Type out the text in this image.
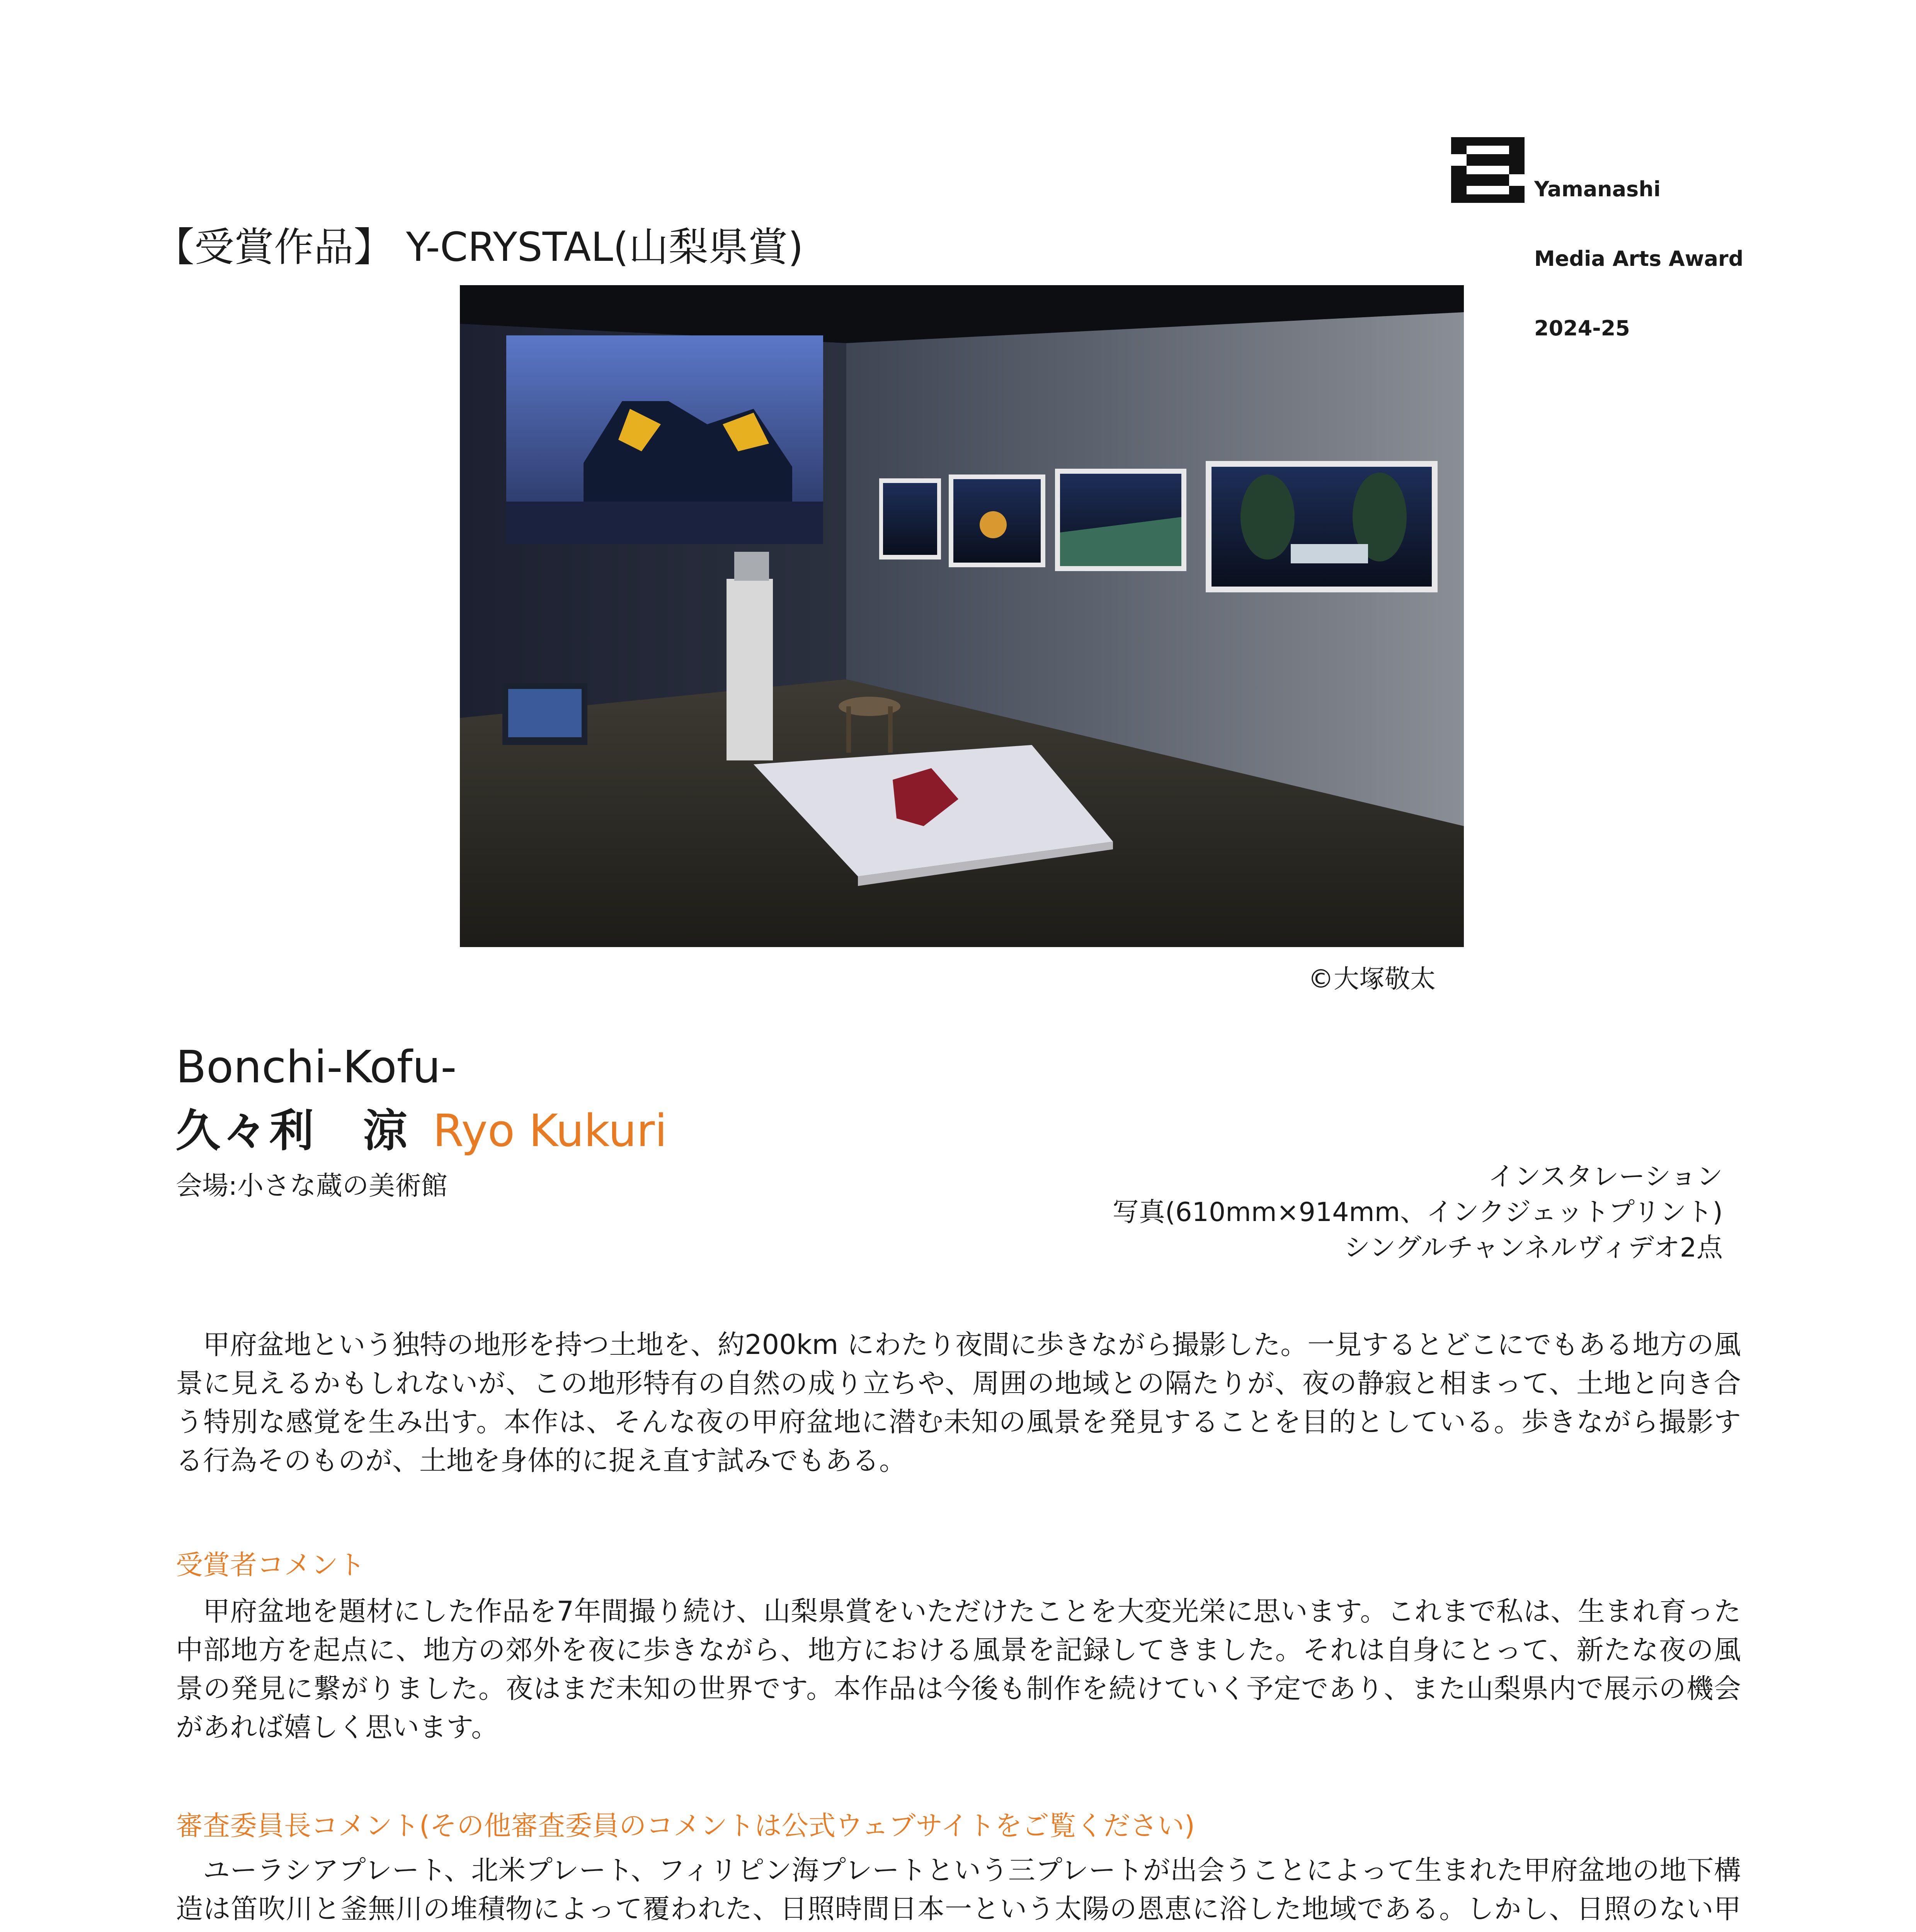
Yamanashi

Media Arts Award

2024-25

【受賞作品】 Y-CRYSTAL(山梨県賞)
©大塚敬太
Bonchi-Kofu-
久々利　涼 Ryo Kukuri
会場:小さな蔵の美術館	インスタレーション
写真(610mm×914mm、インクジェットプリント)
シングルチャンネルヴィデオ2点
甲府盆地という独特の地形を持つ土地を、約200km にわたり夜間に歩きながら撮影した。一見するとどこにでもある地方の風景に見えるかもしれないが、この地形特有の自然の成り立ちや、周囲の地域との隔たりが、夜の静寂と相まって、土地と向き合う特別な感覚を生み出す。本作は、そんな夜の甲府盆地に潜む未知の風景を発見することを目的としている。歩きながら撮影する行為そのものが、土地を身体的に捉え直す試みでもある。
受賞者コメント
甲府盆地を題材にした作品を7年間撮り続け、山梨県賞をいただけたことを大変光栄に思います。これまで私は、生まれ育った中部地方を起点に、地方の郊外を夜に歩きながら、地方における風景を記録してきました。それは自身にとって、新たな夜の風景の発見に繋がりました。夜はまだ未知の世界です。本作品は今後も制作を続けていく予定であり、また山梨県内で展示の機会があれば嬉しく思います。
審査委員長コメント(その他審査委員のコメントは公式ウェブサイトをご覧ください)
ユーラシアプレート、北米プレート、フィリピン海プレートという三プレートが出会うことによって生まれた甲府盆地の地下構造は笛吹川と釜無川の堆積物によって覆われた、日照時間日本一という太陽の恩恵に浴した地域である。しかし、日照のない甲　
